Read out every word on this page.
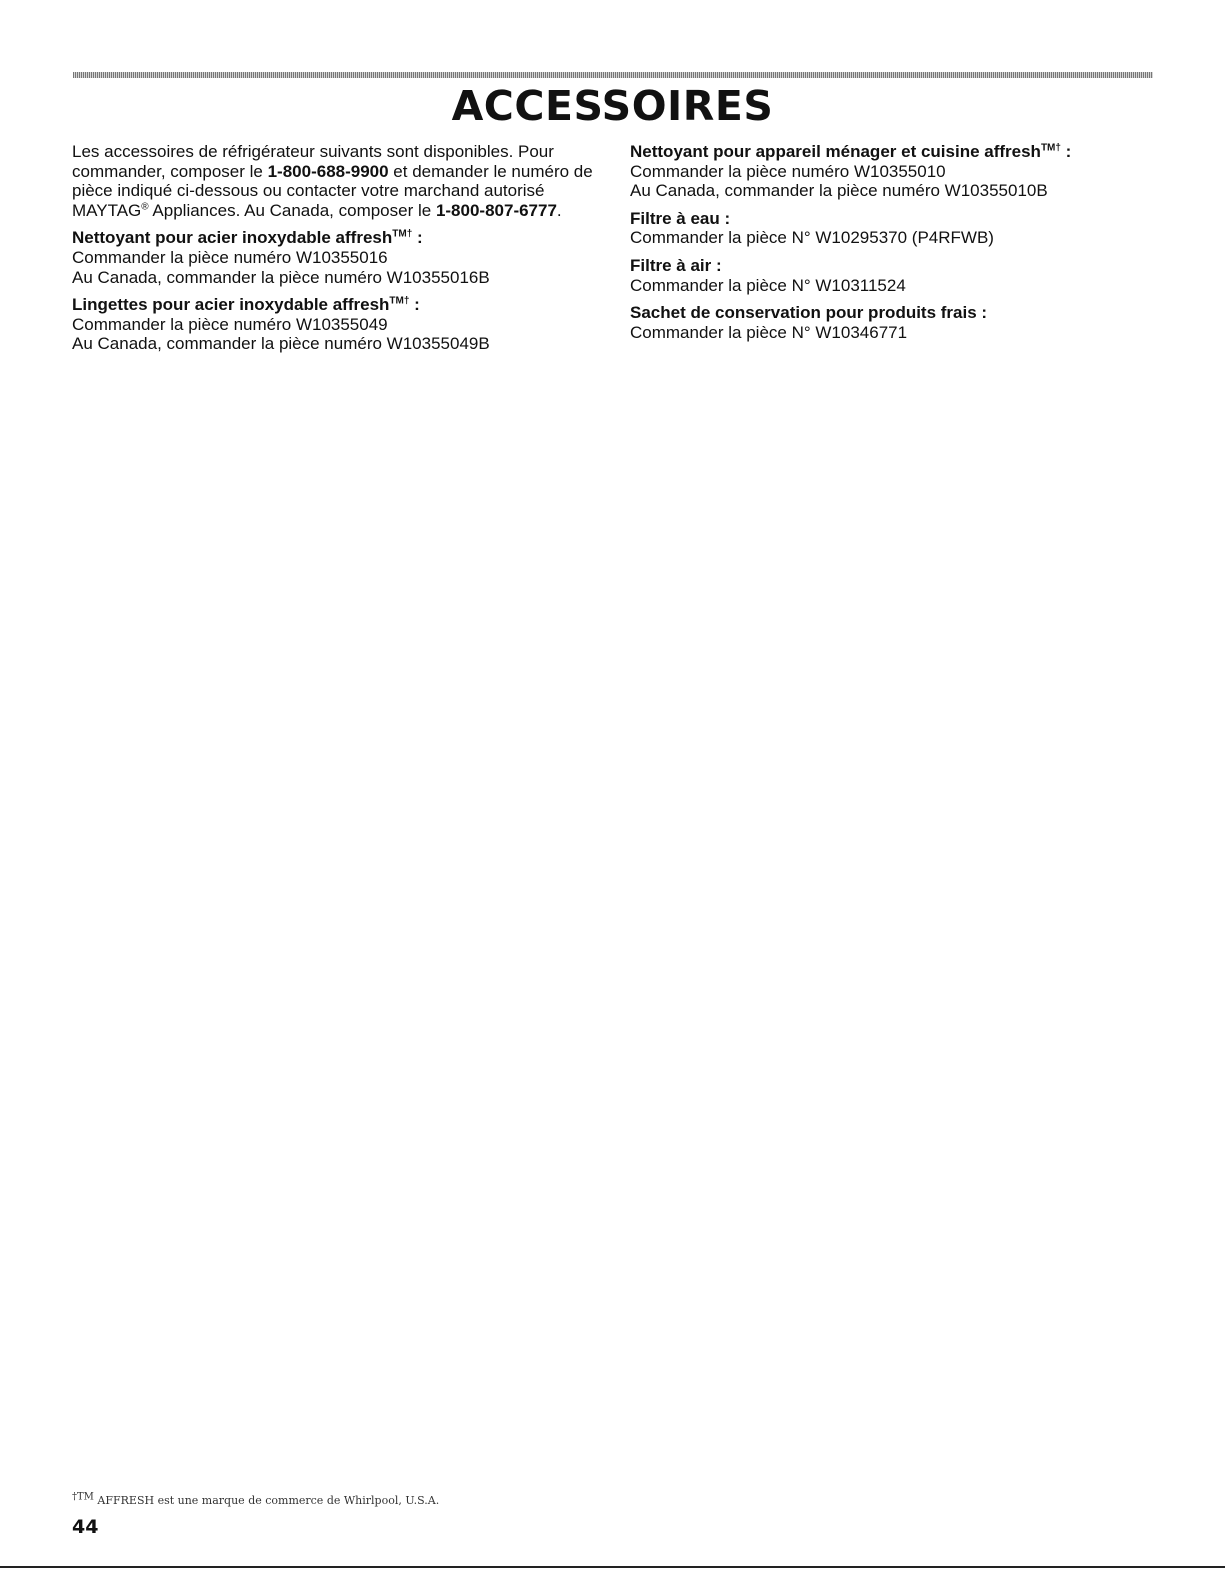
ACCESSOIRES

Les accessoires de réfrigérateur suivants sont disponibles. Pour commander, composer le 1-800-688-9900 et demander le numéro de pièce indiqué ci-dessous ou contacter votre marchand autorisé MAYTAG® Appliances. Au Canada, composer le 1-800-807-6777.

Nettoyant pour acier inoxydable affresh$^{TM\dagger}$ :

Commander la pièce numéro W10355016

Au Canada, commander la pièce numéro W10355016B

Lingettes pour acier inoxydable affresh$^{TM\dagger}$ :

Commander la pièce numéro W10355049

Au Canada, commander la pièce numéro W10355049B

Nettoyant pour appareil ménager et cuisine affresh$^{TM\dagger}$ :

Commander la pièce numéro W10355010

Au Canada, commander la pièce numéro W10355010B

Filtre à eau :

Commander la pièce N° W10295370 (P4RFWB)

Filtre à air :

Commander la pièce N° W10311524

Sachet de conservation pour produits frais :

Commander la pièce N° W10346771

$^{\dagger TM}$ AFFRESH est une marque de commerce de Whirlpool, U.S.A.
44
